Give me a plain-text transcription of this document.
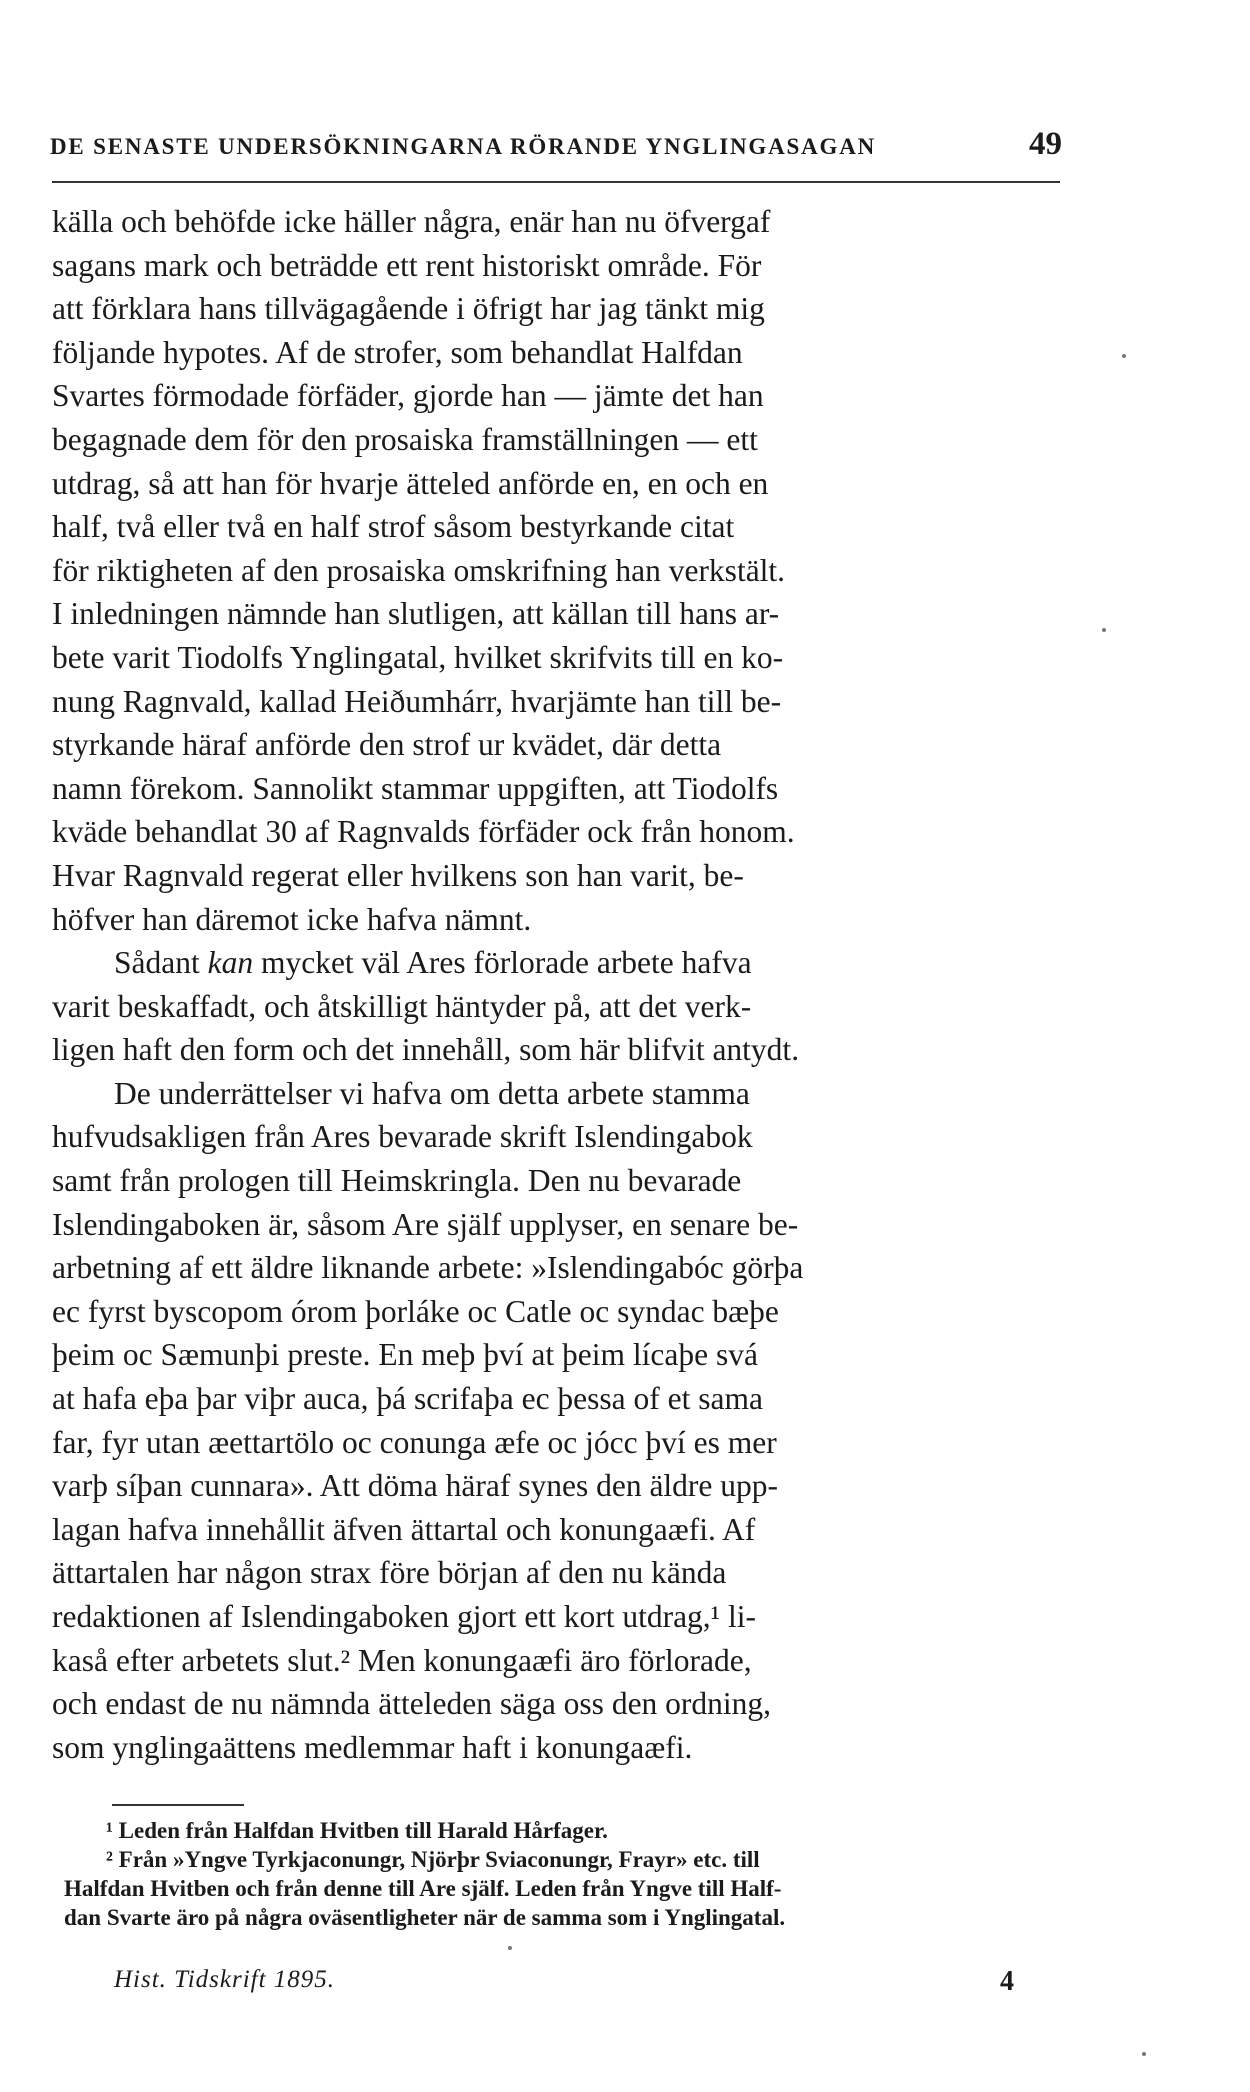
DE SENASTE UNDERSÖKNINGARNA RÖRANDE YNGLINGASAGAN	49
källa och behöfde icke häller några, enär han nu öfvergaf
sagans mark och beträdde ett rent historiskt område. För
att förklara hans tillvägagående i öfrigt har jag tänkt mig
följande hypotes. Af de strofer, som behandlat Halfdan
Svartes förmodade förfäder, gjorde han — jämte det han
begagnade dem för den prosaiska framställningen — ett
utdrag, så att han för hvarje ätteled anförde en, en och en
half, två eller två en half strof såsom bestyrkande citat
för riktigheten af den prosaiska omskrifning han verkstält.
I inledningen nämnde han slutligen, att källan till hans ar-
bete varit Tiodolfs Ynglingatal, hvilket skrifvits till en ko-
nung Ragnvald, kallad Heiðumhárr, hvarjämte han till be-
styrkande häraf anförde den strof ur kvädet, där detta
namn förekom. Sannolikt stammar uppgiften, att Tiodolfs
kväde behandlat 30 af Ragnvalds förfäder ock från honom.
Hvar Ragnvald regerat eller hvilkens son han varit, be-
höfver han däremot icke hafva nämnt.
Sådant kan mycket väl Ares förlorade arbete hafva
varit beskaffadt, och åtskilligt häntyder på, att det verk-
ligen haft den form och det innehåll, som här blifvit antydt.
De underrättelser vi hafva om detta arbete stamma
hufvudsakligen från Ares bevarade skrift Islendingabok
samt från prologen till Heimskringla. Den nu bevarade
Islendingaboken är, såsom Are själf upplyser, en senare be-
arbetning af ett äldre liknande arbete: »Islendingabóc görþa
ec fyrst byscopom órom þorláke oc Catle oc syndac bæþe
þeim oc Sæmunþi preste. En meþ því at þeim lícaþe svá
at hafa eþa þar viþr auca, þá scrifaþa ec þessa of et sama
far, fyr utan æettartölo oc conunga æfe oc jócc því es mer
varþ síþan cunnara». Att döma häraf synes den äldre upp-
lagan hafva innehållit äfven ättartal och konungaæfi. Af
ättartalen har någon strax före början af den nu kända
redaktionen af Islendingaboken gjort ett kort utdrag,¹ li-
kaså efter arbetets slut.² Men konungaæfi äro förlorade,
och endast de nu nämnda ätteleden säga oss den ordning,
som ynglingaättens medlemmar haft i konungaæfi.
¹ Leden från Halfdan Hvitben till Harald Hårfager.
² Från »Yngve Tyrkjaconungr, Njörþr Sviaconungr, Frayr» etc. till
Halfdan Hvitben och från denne till Are själf. Leden från Yngve till Half-
dan Svarte äro på några oväsentligheter när de samma som i Ynglingatal.
Hist. Tidskrift 1895.	4
